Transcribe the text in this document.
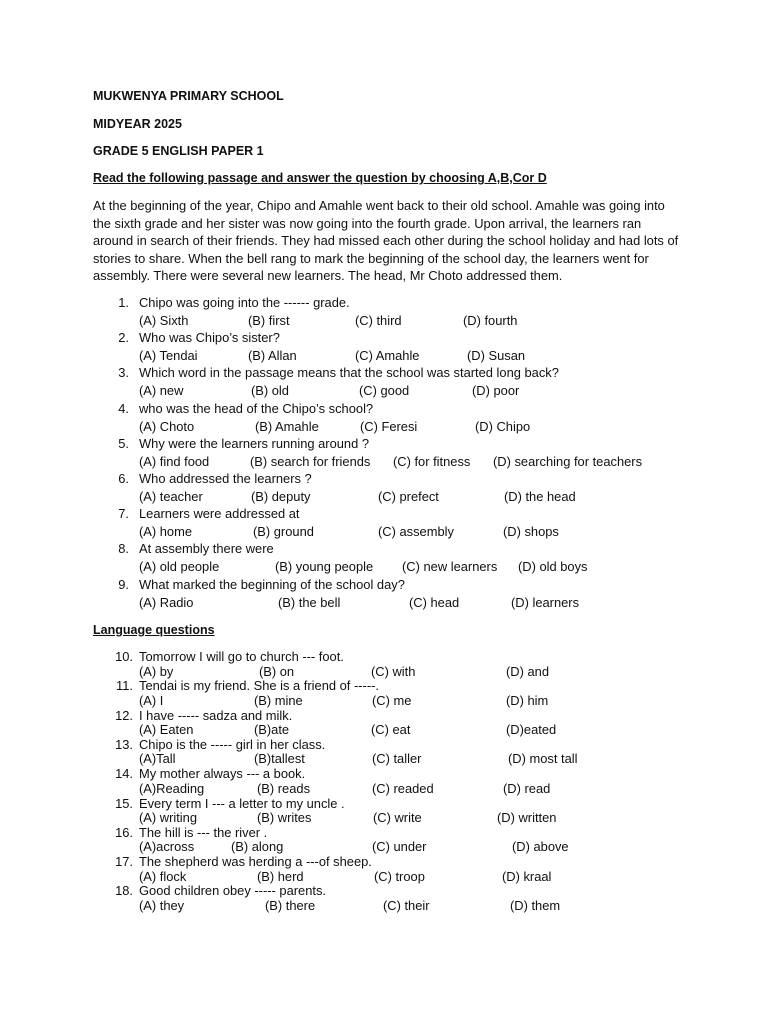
MUKWENYA PRIMARY SCHOOL
MIDYEAR 2025
GRADE 5 ENGLISH PAPER 1
Read the following passage and answer the question by choosing A,B,Cor D
At the beginning of the year, Chipo and Amahle went back to their old school. Amahle was going into the sixth grade and her sister was now going into the fourth grade. Upon arrival, the learners ran around in search of their friends. They had missed each other during the school holiday and had lots of stories to share. When the bell rang to mark the beginning of the school day, the learners went for assembly. There were several new learners. The head, Mr Choto addressed them.
1. Chipo was going into the ------ grade.
(A) Sixth	(B) first	(C) third	(D) fourth
2. Who was Chipo’s sister?
(A) Tendai	(B) Allan	(C) Amahle	(D) Susan
3. Which word in the passage means that the school was started long back?
(A) new	(B) old	(C) good	(D) poor
4. who was the head of the Chipo’s school?
(A) Choto	(B) Amahle	(C) Feresi	(D) Chipo
5. Why were the learners running around ?
(A) find food	(B) search for friends (C) for fitness (D) searching for teachers
6. Who addressed the learners ?
(A) teacher	(B) deputy	(C) prefect	(D) the head
7. Learners were addressed at
(A) home	(B) ground	(C) assembly	(D) shops
8. At assembly there were
(A) old people	(B) young people (C) new learners (D) old boys
9. What marked the beginning of the school day?
(A) Radio	(B) the bell	(C) head	(D) learners
Language questions
10. Tomorrow I will go to church --- foot.
(A) by	(B) on	(C) with	(D) and
11. Tendai is my friend. She is a friend of -----.
(A) I	(B) mine	(C) me	(D) him
12. I have ----- sadza and milk.
(A) Eaten	(B)ate	(C) eat	(D)eated
13. Chipo is the ----- girl in her class.
(A)Tall	(B)tallest	(C) taller	(D) most tall
14. My mother always --- a book.
(A)Reading	(B) reads	(C) readed	(D) read
15. Every term I --- a letter to my uncle .
(A) writing	(B) writes	(C) write	(D) written
16. The hill is --- the river .
(A)across	(B) along	(C) under	(D) above
17. The shepherd was herding a ---of sheep.
(A) flock	(B) herd	(C) troop	(D) kraal
18. Good children obey ----- parents.
(A) they	(B) there	(C) their	(D) them
